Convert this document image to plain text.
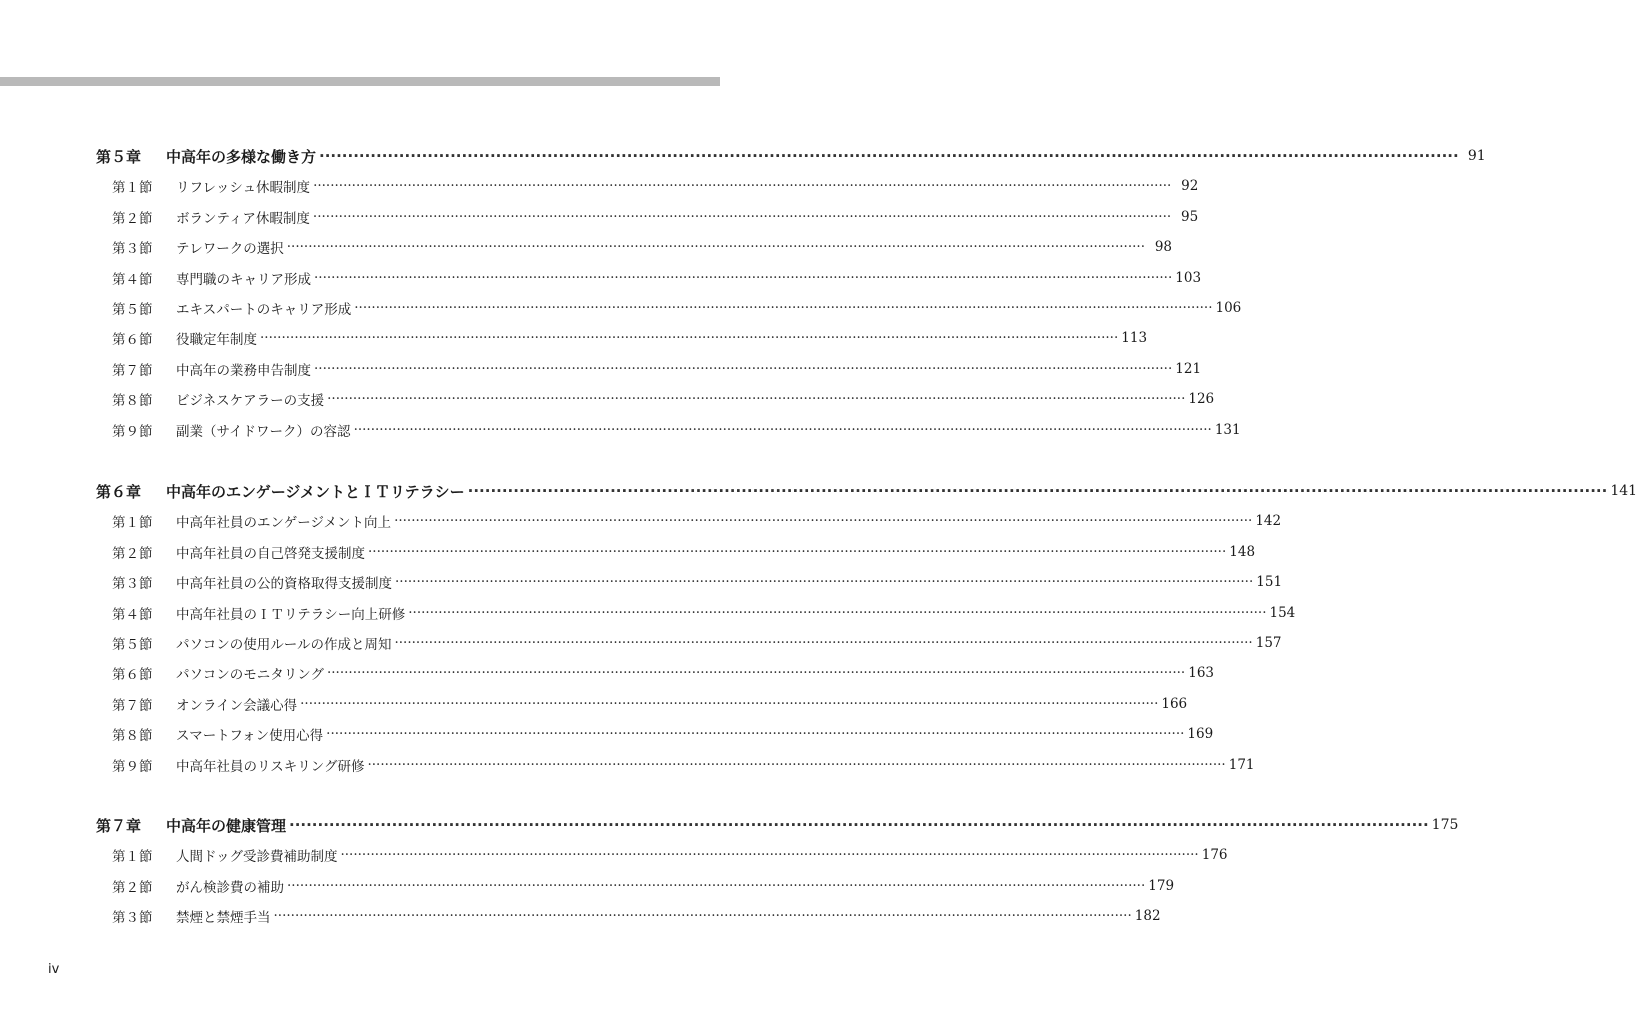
第５章	中高年の多様な働き方 ········································································································································································································ 91
第１節	リフレッシュ休暇制度 ········································································································································································································ 92
第２節	ボランティア休暇制度 ········································································································································································································ 95
第３節	テレワークの選択 ········································································································································································································ 98
第４節	専門職のキャリア形成 ········································································································································································································ 103
第５節	エキスパートのキャリア形成 ········································································································································································································ 106
第６節	役職定年制度 ········································································································································································································ 113
第７節	中高年の業務申告制度 ········································································································································································································ 121
第８節	ビジネスケアラーの支援 ········································································································································································································ 126
第９節	副業（サイドワーク）の容認 ········································································································································································································ 131
第６章	中高年のエンゲージメントとＩＴリテラシー ········································································································································································································ 141
第１節	中高年社員のエンゲージメント向上 ········································································································································································································ 142
第２節	中高年社員の自己啓発支援制度 ········································································································································································································ 148
第３節	中高年社員の公的資格取得支援制度 ········································································································································································································ 151
第４節	中高年社員のＩＴリテラシー向上研修 ········································································································································································································ 154
第５節	パソコンの使用ルールの作成と周知 ········································································································································································································ 157
第６節	パソコンのモニタリング ········································································································································································································ 163
第７節	オンライン会議心得 ········································································································································································································ 166
第８節	スマートフォン使用心得 ········································································································································································································ 169
第９節	中高年社員のリスキリング研修 ········································································································································································································ 171
第７章	中高年の健康管理 ········································································································································································································ 175
第１節	人間ドッグ受診費補助制度 ········································································································································································································ 176
第２節	がん検診費の補助 ········································································································································································································ 179
第３節	禁煙と禁煙手当 ········································································································································································································ 182
iv
